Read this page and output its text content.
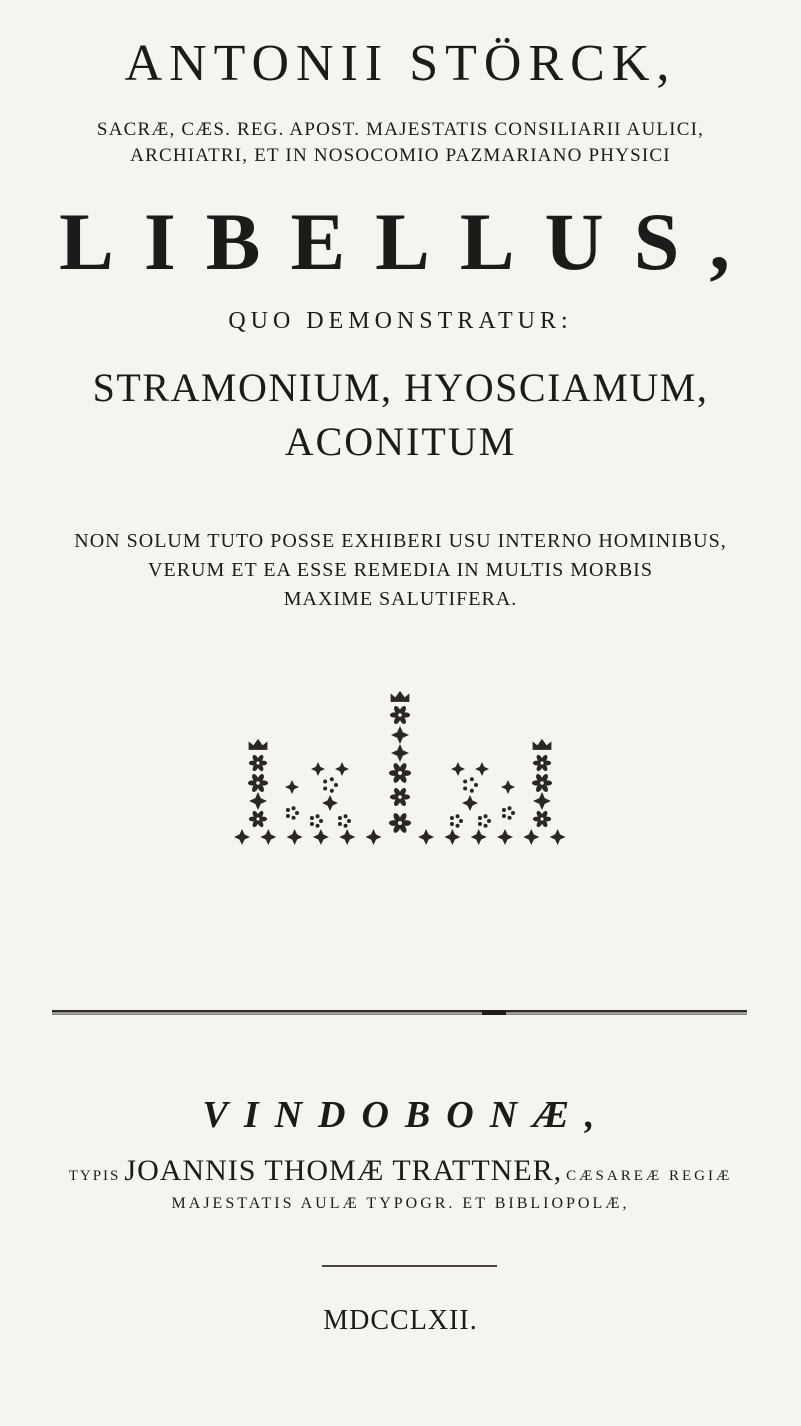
ANTONII STÖRCK,
SACRÆ, CÆS. REG. APOST. MAJESTATIS CONSILIARII AULICI,
ARCHIATRI, ET IN NOSOCOMIO PAZMARIANO PHYSICI
LIBELLUS,
QUO DEMONSTRATUR:
STRAMONIUM, HYOSCIAMUM,
ACONITUM
NON SOLUM TUTO POSSE EXHIBERI USU INTERNO HOMINIBUS,
VERUM ET EA ESSE REMEDIA IN MULTIS MORBIS
MAXIME SALUTIFERA.
VINDOBONÆ,
TYPIS JOANNIS THOMÆ TRATTNER, CÆSAREÆ REGIÆ
MAJESTATIS AULÆ TYPOGR. ET BIBLIOPOLÆ,
MDCCLXII.
